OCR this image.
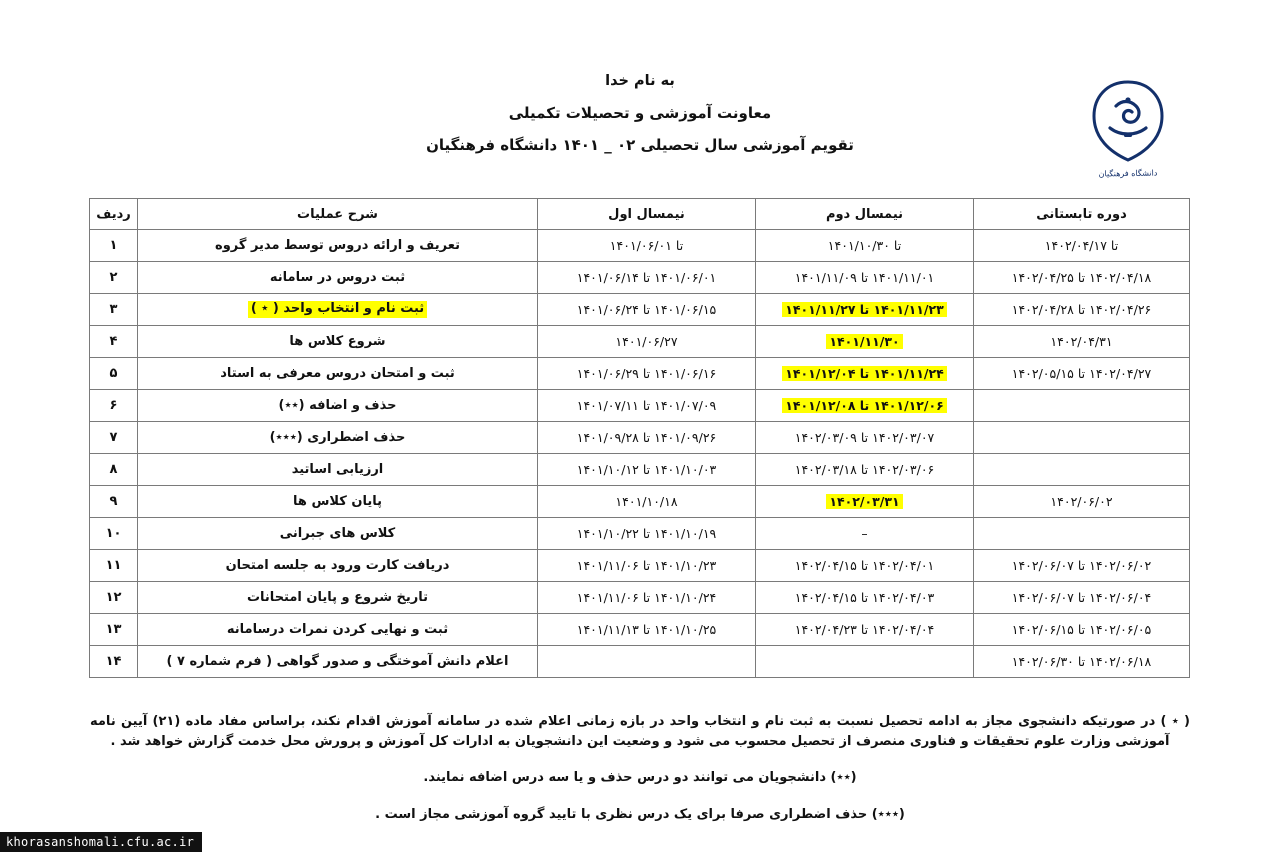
دانشگاه فرهنگیان
به نام خدا
معاونت آموزشی و تحصیلات تکمیلی
تقویم آموزشی سال تحصیلی ۰۲ _ ۱۴۰۱ دانشگاه فرهنگیان
دوره تابستانی	نیمسال دوم	نیمسال اول	شرح عملیات	ردیف
تا ۱۴۰۲/۰۴/۱۷	تا ۱۴۰۱/۱۰/۳۰	تا ۱۴۰۱/۰۶/۰۱	تعریف و ارائه دروس توسط مدیر گروه	۱
۱۴۰۲/۰۴/۱۸ تا ۱۴۰۲/۰۴/۲۵	۱۴۰۱/۱۱/۰۱ تا ۱۴۰۱/۱۱/۰۹	۱۴۰۱/۰۶/۰۱ تا ۱۴۰۱/۰۶/۱۴	ثبت دروس در سامانه	۲
۱۴۰۲/۰۴/۲۶ تا ۱۴۰۲/۰۴/۲۸	۱۴۰۱/۱۱/۲۳ تا ۱۴۰۱/۱۱/۲۷	۱۴۰۱/۰۶/۱۵ تا ۱۴۰۱/۰۶/۲۴	ثبت نام و انتخاب واحد ( ٭ )	۳
۱۴۰۲/۰۴/۳۱	۱۴۰۱/۱۱/۳۰	۱۴۰۱/۰۶/۲۷	شروع کلاس ها	۴
۱۴۰۲/۰۴/۲۷ تا ۱۴۰۲/۰۵/۱۵	۱۴۰۱/۱۱/۲۴ تا ۱۴۰۱/۱۲/۰۴	۱۴۰۱/۰۶/۱۶ تا ۱۴۰۱/۰۶/۲۹	ثبت و امتحان دروس معرفی به استاد	۵
	۱۴۰۱/۱۲/۰۶ تا ۱۴۰۱/۱۲/۰۸	۱۴۰۱/۰۷/۰۹ تا ۱۴۰۱/۰۷/۱۱	حذف و اضافه (٭٭)	۶
	۱۴۰۲/۰۳/۰۷ تا ۱۴۰۲/۰۳/۰۹	۱۴۰۱/۰۹/۲۶ تا ۱۴۰۱/۰۹/۲۸	حذف اضطراری (٭٭٭)	۷
	۱۴۰۲/۰۳/۰۶ تا ۱۴۰۲/۰۳/۱۸	۱۴۰۱/۱۰/۰۳ تا ۱۴۰۱/۱۰/۱۲	ارزیابی اساتید	۸
۱۴۰۲/۰۶/۰۲	۱۴۰۲/۰۳/۳۱	۱۴۰۱/۱۰/۱۸	پایان کلاس ها	۹
	–	۱۴۰۱/۱۰/۱۹ تا ۱۴۰۱/۱۰/۲۲	کلاس های جبرانی	۱۰
۱۴۰۲/۰۶/۰۲ تا ۱۴۰۲/۰۶/۰۷	۱۴۰۲/۰۴/۰۱ تا ۱۴۰۲/۰۴/۱۵	۱۴۰۱/۱۰/۲۳ تا ۱۴۰۱/۱۱/۰۶	دریافت کارت ورود به جلسه امتحان	۱۱
۱۴۰۲/۰۶/۰۴ تا ۱۴۰۲/۰۶/۰۷	۱۴۰۲/۰۴/۰۳ تا ۱۴۰۲/۰۴/۱۵	۱۴۰۱/۱۰/۲۴ تا ۱۴۰۱/۱۱/۰۶	تاریخ شروع و پایان امتحانات	۱۲
۱۴۰۲/۰۶/۰۵ تا ۱۴۰۲/۰۶/۱۵	۱۴۰۲/۰۴/۰۴ تا ۱۴۰۲/۰۴/۲۳	۱۴۰۱/۱۰/۲۵ تا ۱۴۰۱/۱۱/۱۳	ثبت و نهایی کردن نمرات درسامانه	۱۳
۱۴۰۲/۰۶/۱۸ تا ۱۴۰۲/۰۶/۳۰			اعلام دانش آموختگی و صدور گواهی ( فرم شماره ۷ )	۱۴

( ٭ ) در صورتیکه دانشجوی مجاز به ادامه تحصیل نسبت به ثبت نام و انتخاب واحد در بازه زمانی اعلام شده در سامانه آموزش اقدام نکند، براساس مفاد ماده (۲۱) آیین نامه آموزشی وزارت علوم تحقیقات و فناوری منصرف از تحصیل محسوب می شود و وضعیت این دانشجویان به ادارات کل آموزش و پرورش محل خدمت گزارش خواهد شد .

(٭٭) دانشجویان می توانند دو درس حذف و یا سه درس اضافه نمایند.

(٭٭٭) حذف اضطراری صرفا برای یک درس نظری با تایید گروه آموزشی مجاز است .

khorasanshomali.cfu.ac.ir
